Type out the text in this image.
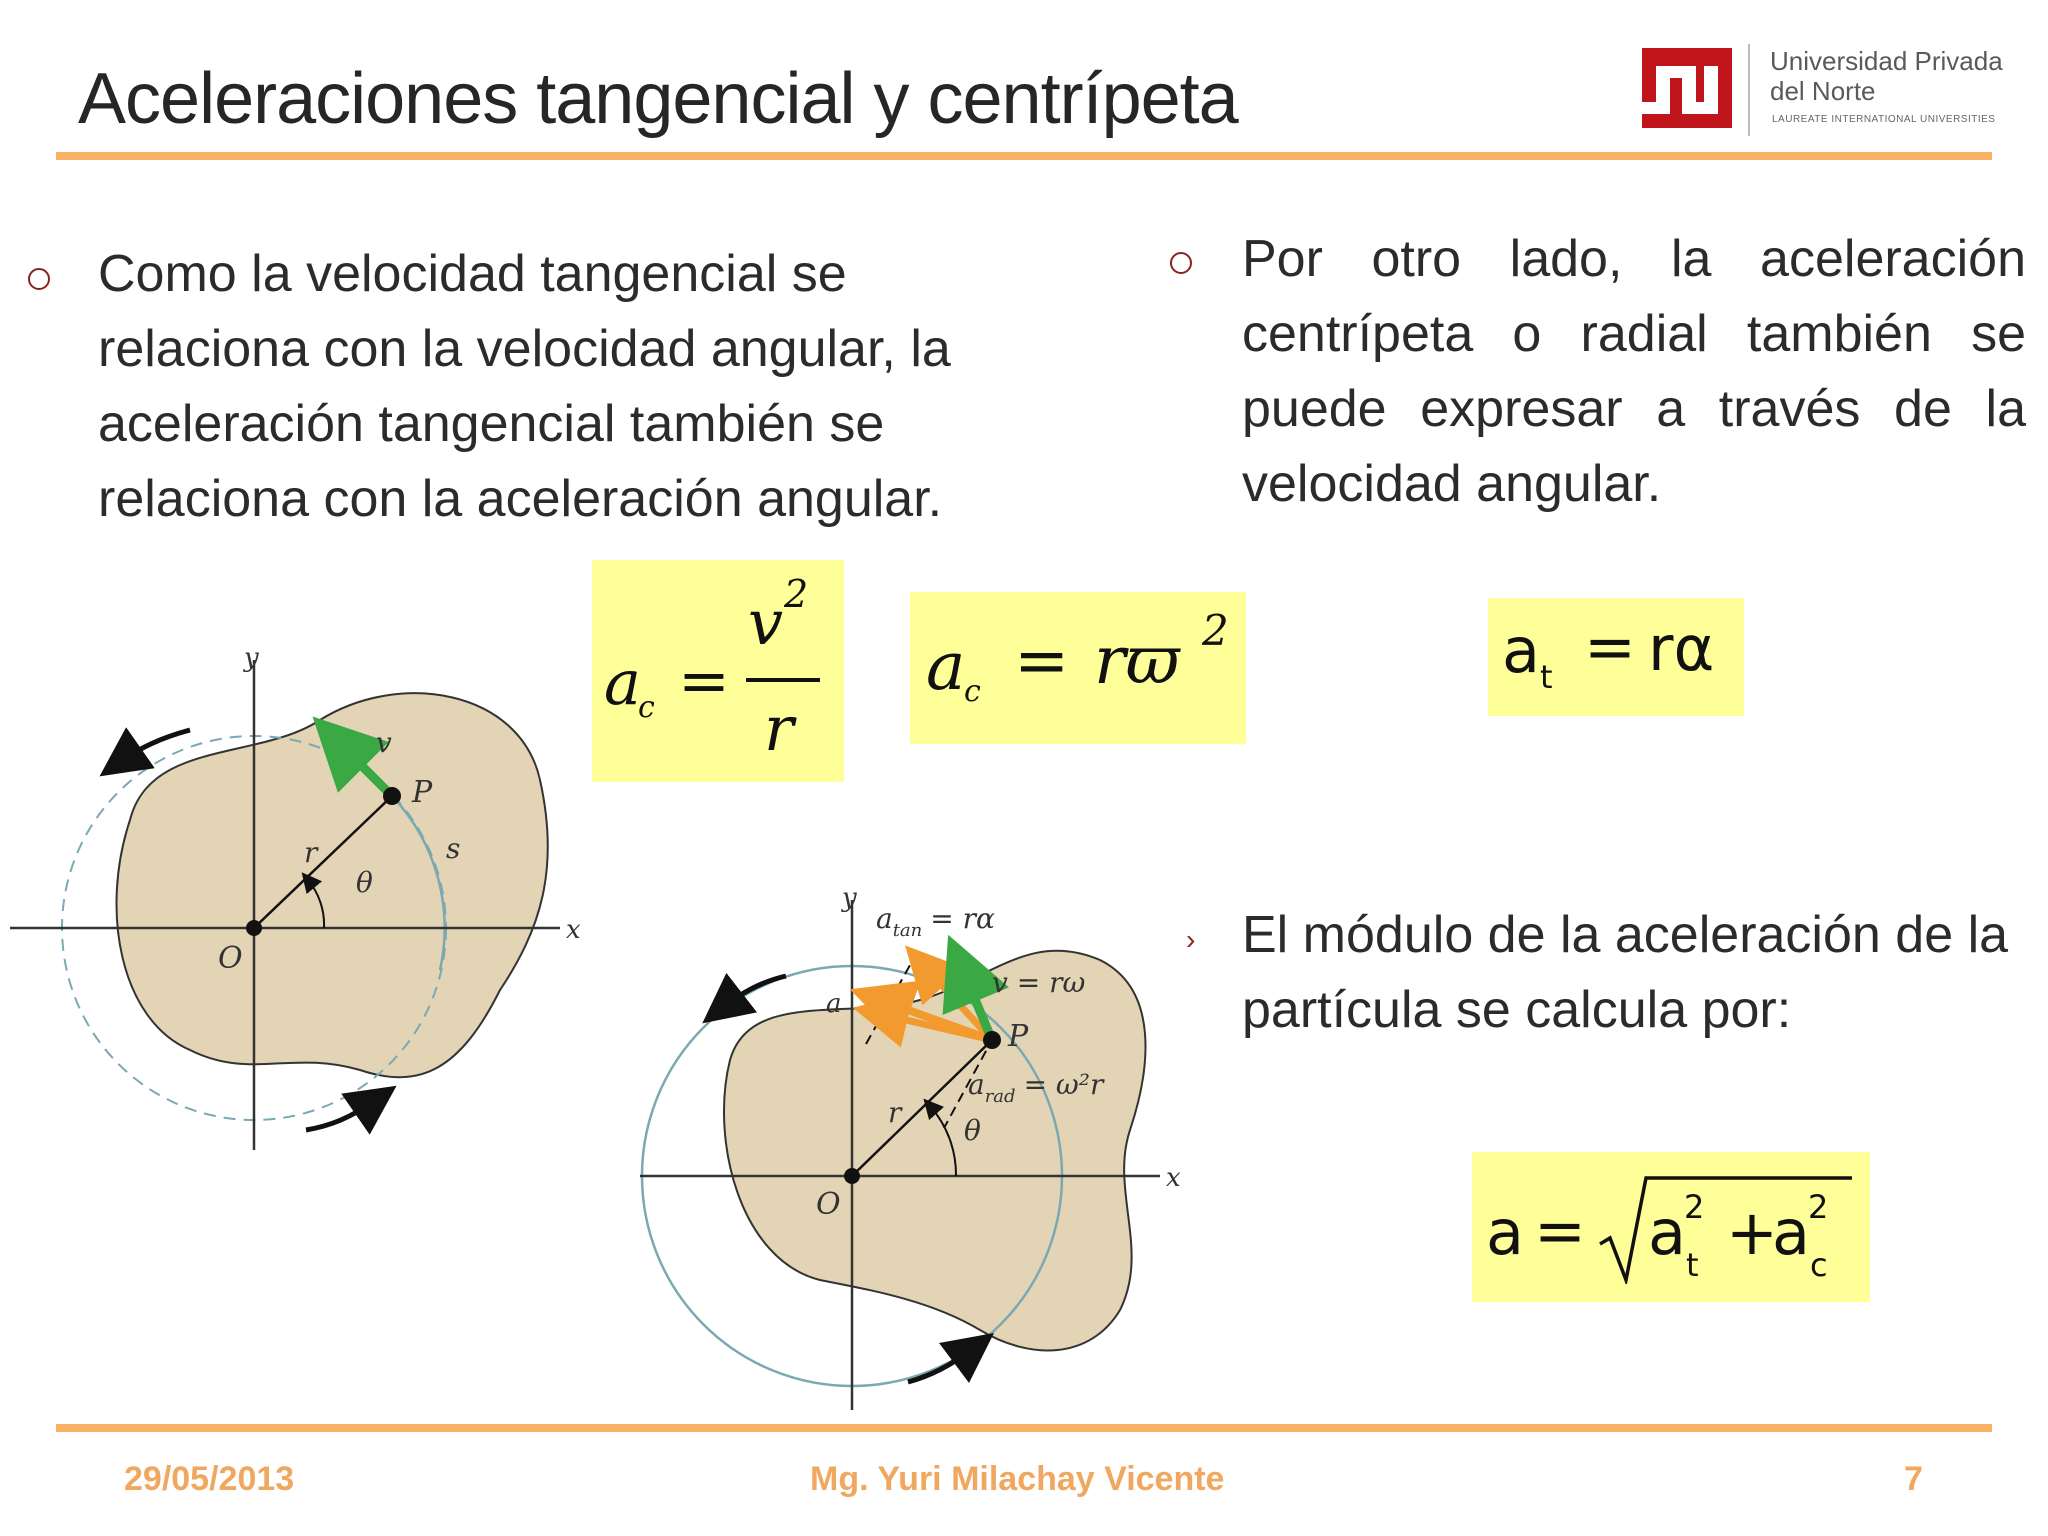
Aceleraciones tangencial y centrípeta	Universidad Privada
del Norte
LAUREATE INTERNATIONAL UNIVERSITIES
Como la velocidad tangencial se relaciona con la velocidad angular, la aceleración tangencial también se relaciona con la aceleración angular.
Por otro lado, la aceleración centrípeta o radial también se puede expresar a través de la velocidad angular.
› El módulo de la aceleración de la partícula se calcula por:
a
c =
v 2
r
a
c = rϖ 2	a t = rα
a = a
2
t +
a
2
c
y
x
O
P
v
r
θ
s
y
x
O
P
r
θ
a
$a_{tan} = r\alpha$
v = rω
$a_{rad} = \omega^2r$
29/05/2013	Mg. Yuri Milachay Vicente	7
